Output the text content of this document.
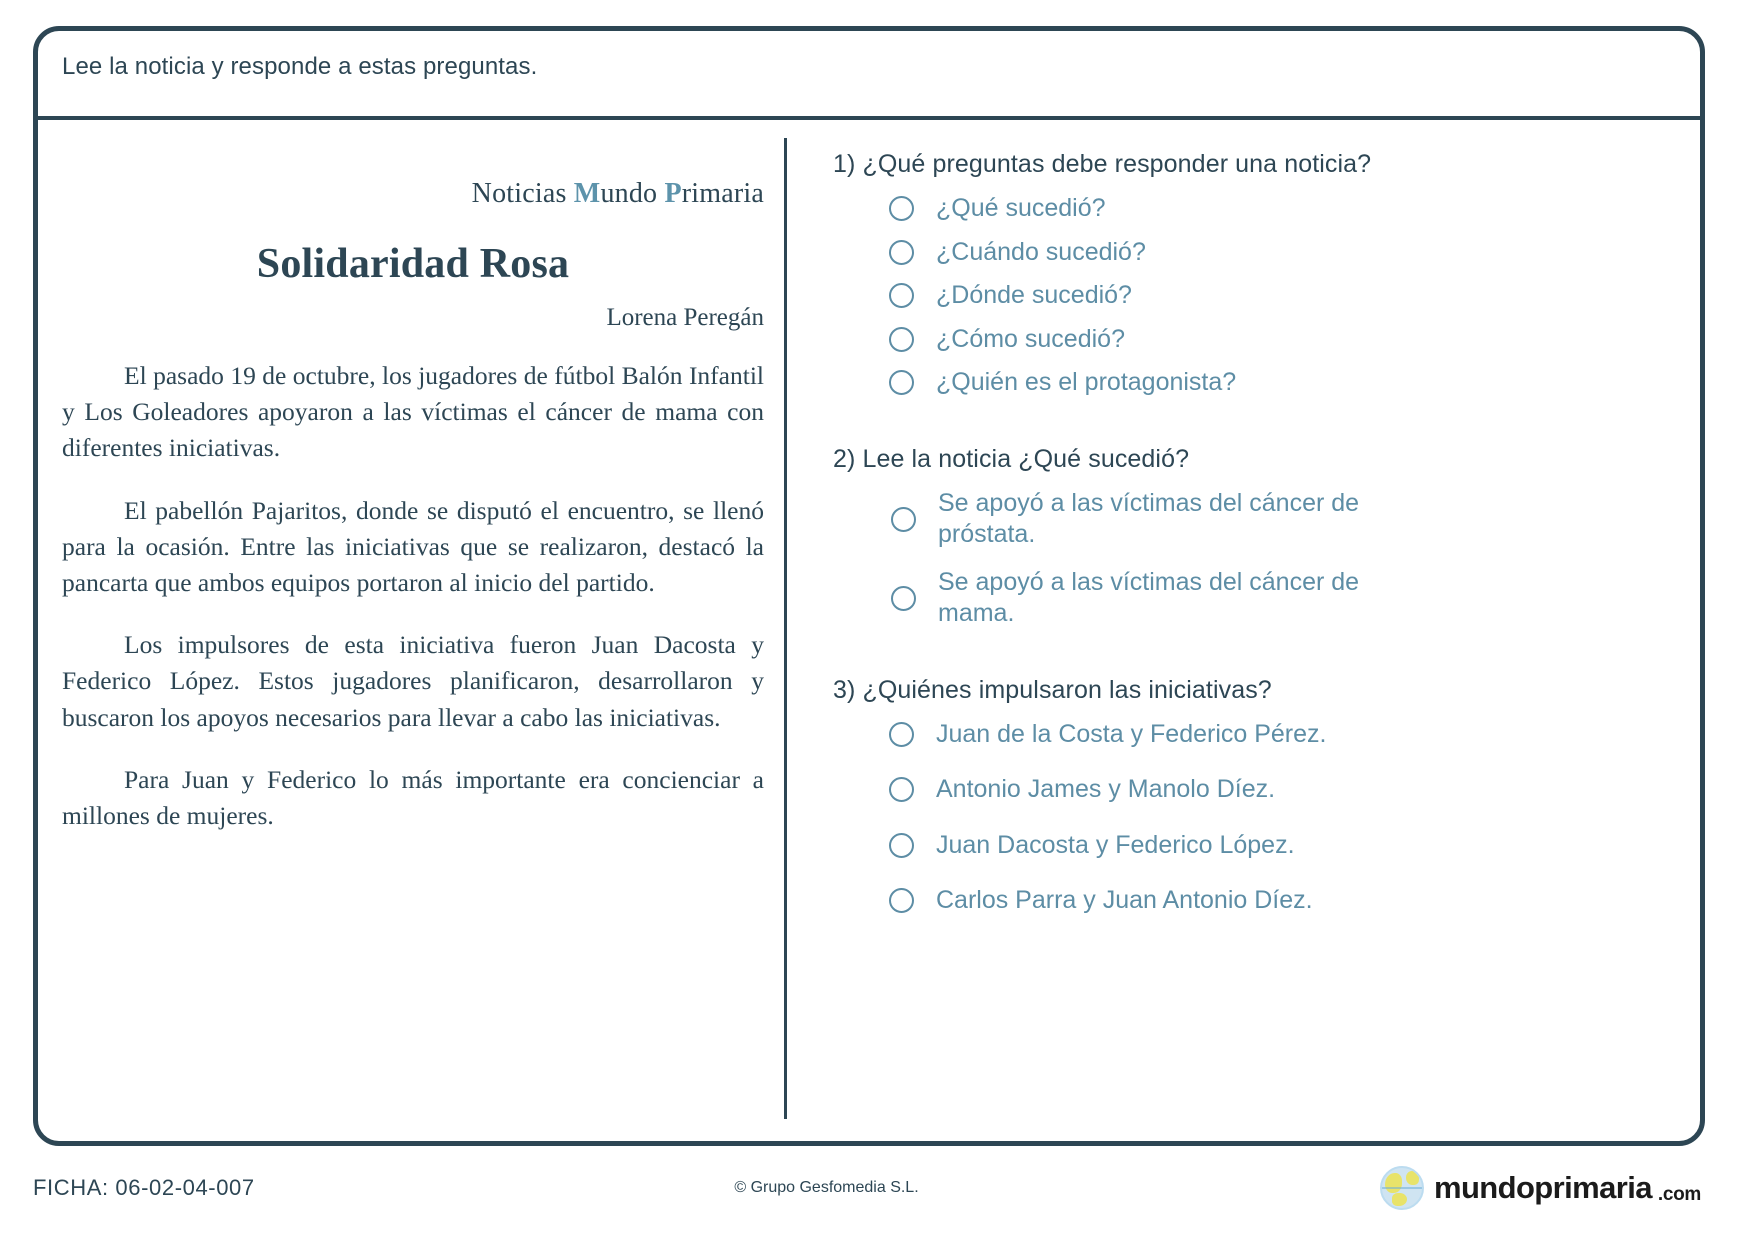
Lee la noticia y responde a estas preguntas.
Noticias Mundo Primaria
Solidaridad Rosa
Lorena Peregán

El pasado 19 de octubre, los jugadores de fútbol Balón Infantil y Los Goleadores apoyaron a las víctimas el cáncer de mama con diferentes iniciativas.

El pabellón Pajaritos, donde se disputó el encuentro, se llenó para la ocasión. Entre las iniciativas que se realizaron, destacó la pancarta que ambos equipos portaron al inicio del partido.

Los impulsores de esta iniciativa fueron Juan Dacosta y Federico López. Estos jugadores planificaron, desarrollaron y buscaron los apoyos necesarios para llevar a cabo las iniciativas.

Para Juan y Federico lo más importante era concienciar a millones de mujeres.

1) ¿Qué preguntas debe responder una noticia?
¿Qué sucedió?
¿Cuándo sucedió?
¿Dónde sucedió?
¿Cómo sucedió?
¿Quién es el protagonista?
2) Lee la noticia ¿Qué sucedió?
Se apoyó a las víctimas del cáncer de próstata.
Se apoyó a las víctimas del cáncer de mama.
3) ¿Quiénes impulsaron las iniciativas?
Juan de la Costa y Federico Pérez.
Antonio James y Manolo Díez.
Juan Dacosta y Federico López.
Carlos Parra y Juan Antonio Díez.
FICHA: 06-02-04-007	© Grupo Gesfomedia S.L.	mundoprimaria .com
